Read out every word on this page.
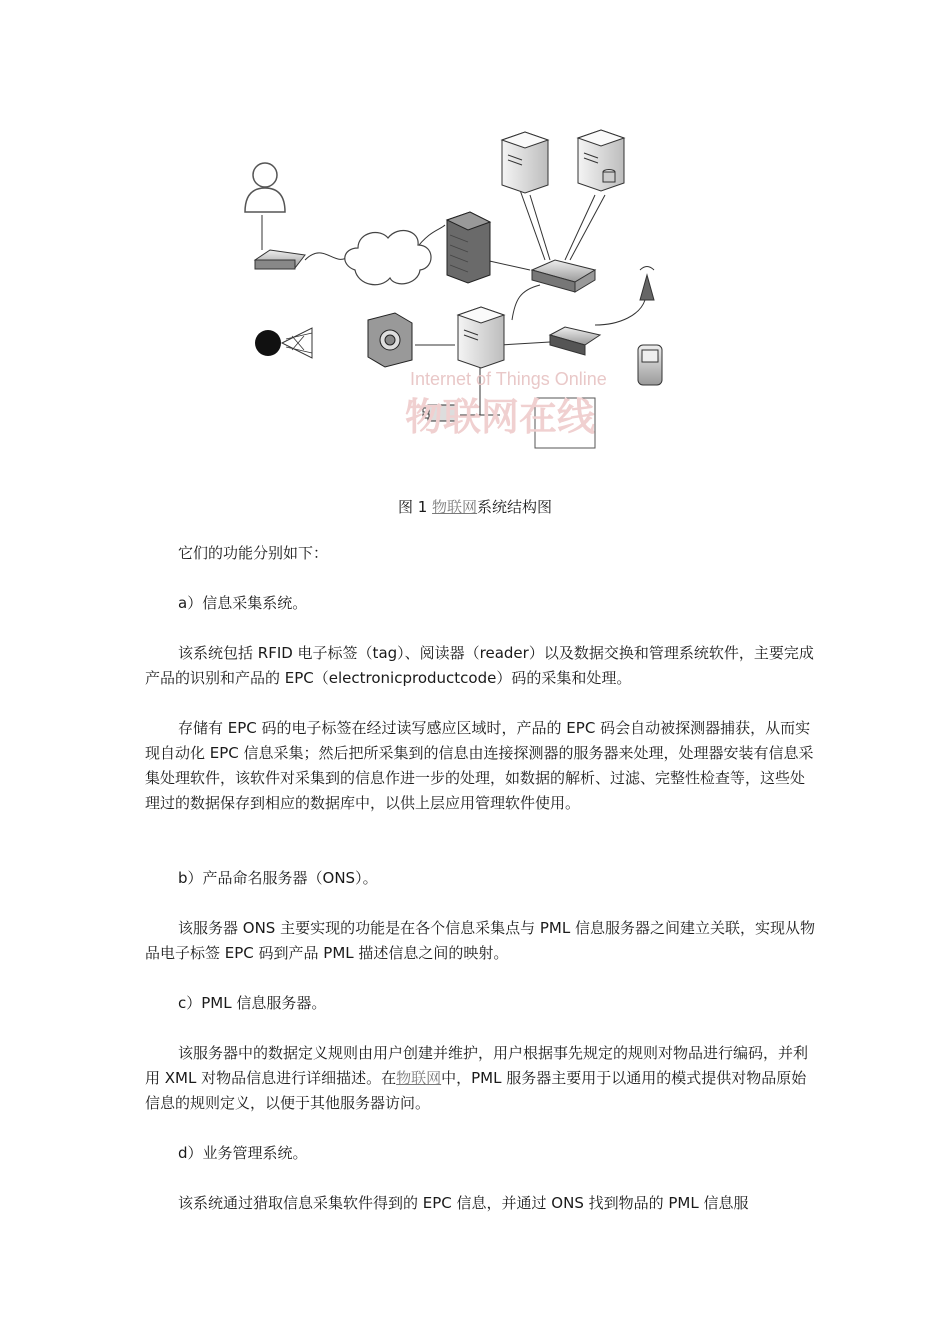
Internet of Things Online
物联网在线
图 1 物联网系统结构图

它们的功能分别如下：

a）信息采集系统。

该系统包括 RFID 电子标签（tag）、阅读器（reader）以及数据交换和管理系统软件，主要完成产品的识别和产品的 EPC（electronicproductcode）码的采集和处理。

存储有 EPC 码的电子标签在经过读写感应区域时，产品的 EPC 码会自动被探测器捕获，从而实现自动化 EPC 信息采集；然后把所采集到的信息由连接探测器的服务器来处理，处理器安装有信息采集处理软件，该软件对采集到的信息作进一步的处理，如数据的解析、过滤、完整性检查等，这些处理过的数据保存到相应的数据库中，以供上层应用管理软件使用。

b）产品命名服务器（ONS）。

该服务器 ONS 主要实现的功能是在各个信息采集点与 PML 信息服务器之间建立关联，实现从物品电子标签 EPC 码到产品 PML 描述信息之间的映射。

c）PML 信息服务器。

该服务器中的数据定义规则由用户创建并维护，用户根据事先规定的规则对物品进行编码，并利用 XML 对物品信息进行详细描述。在物联网中，PML 服务器主要用于以通用的模式提供对物品原始信息的规则定义，以便于其他服务器访问。

d）业务管理系统。

该系统通过猎取信息采集软件得到的 EPC 信息，并通过 ONS 找到物品的 PML 信息服
